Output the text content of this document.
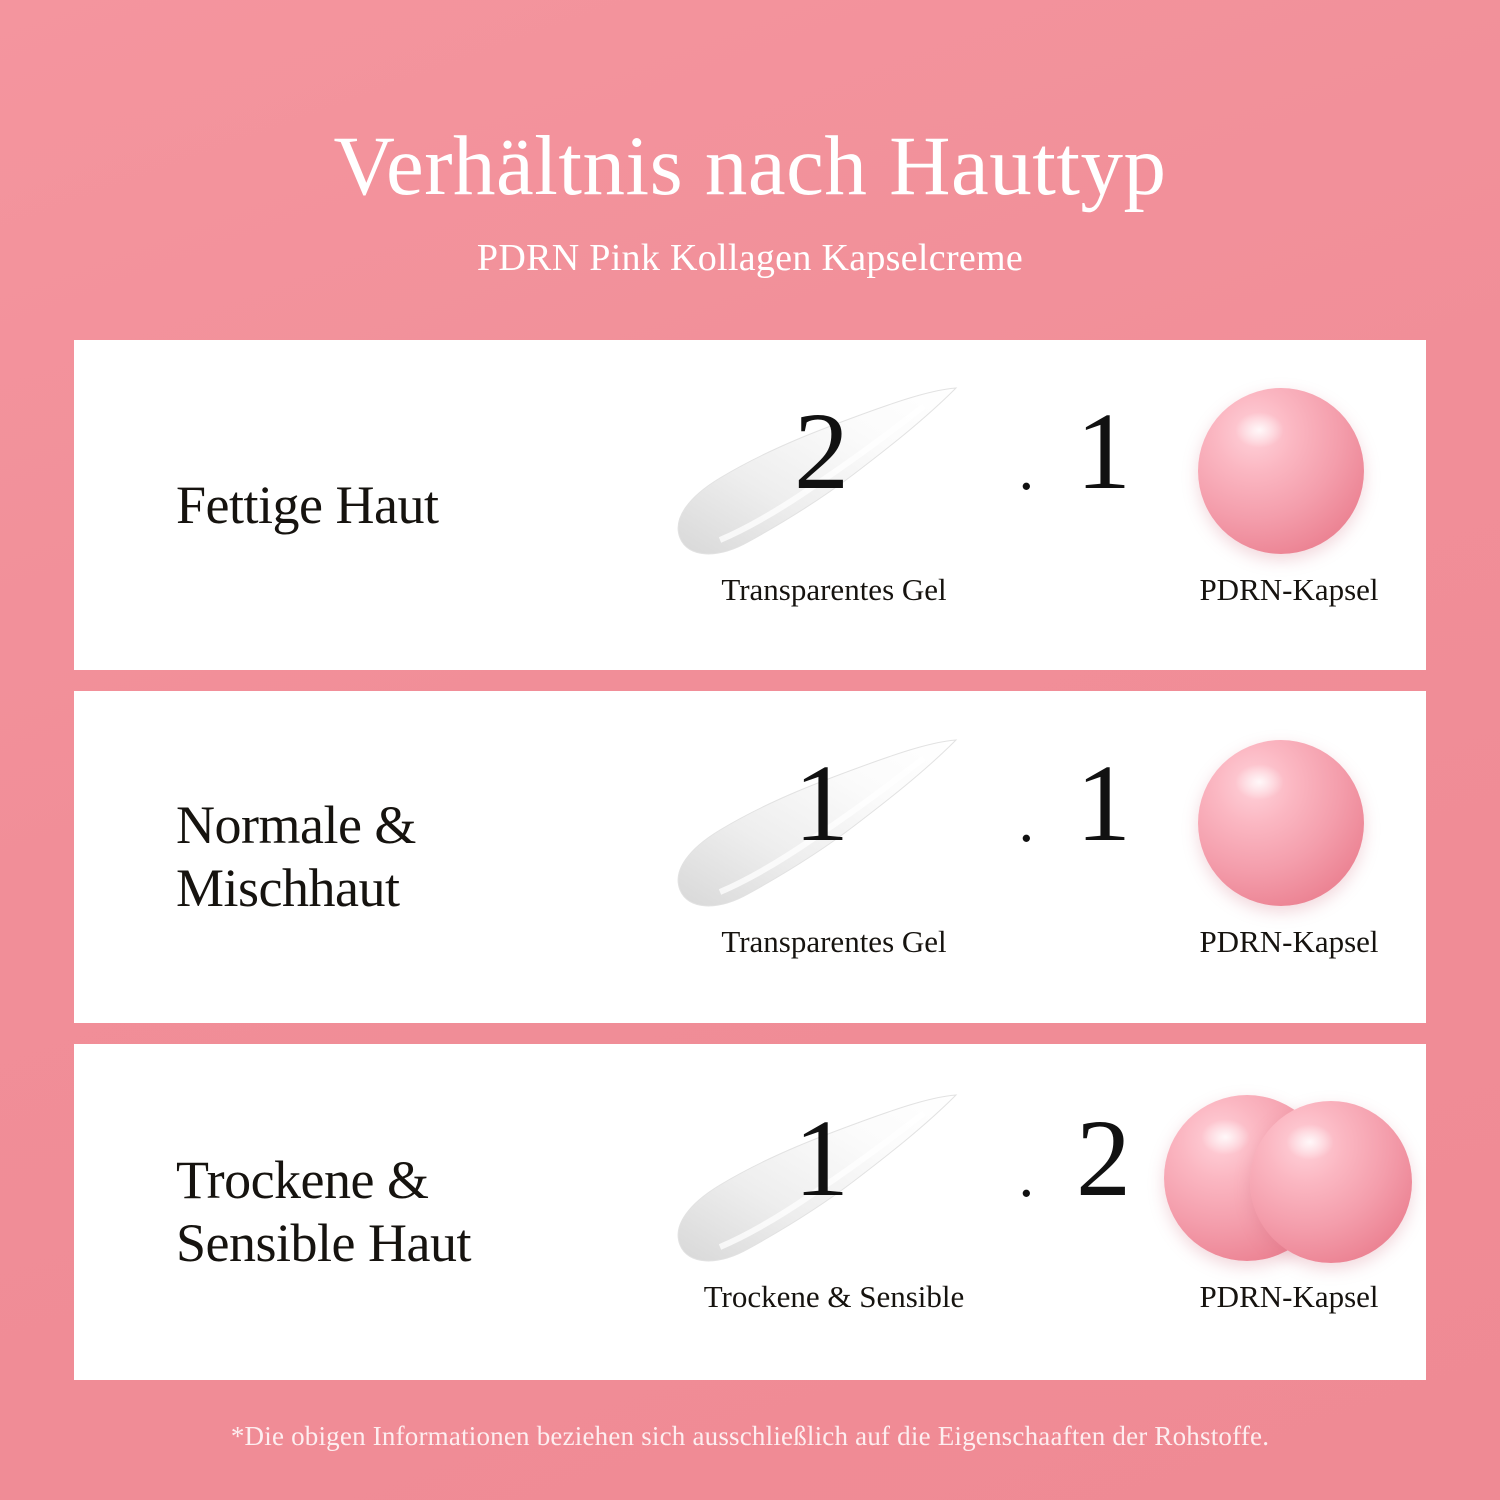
Verhältnis nach Hauttyp

PDRN Pink Kollagen Kapselcreme

Fettige Haut	2
Transparentes Gel
· 1
PDRN-Kapsel
Normale &
Mischhaut
1
Transparentes Gel
· 1
PDRN-Kapsel
Trockene &
Sensible Haut
1
Trockene & Sensible
· 2
PDRN-Kapsel
*Die obigen Informationen beziehen sich ausschließlich auf die Eigenschaaften der Rohstoffe.
